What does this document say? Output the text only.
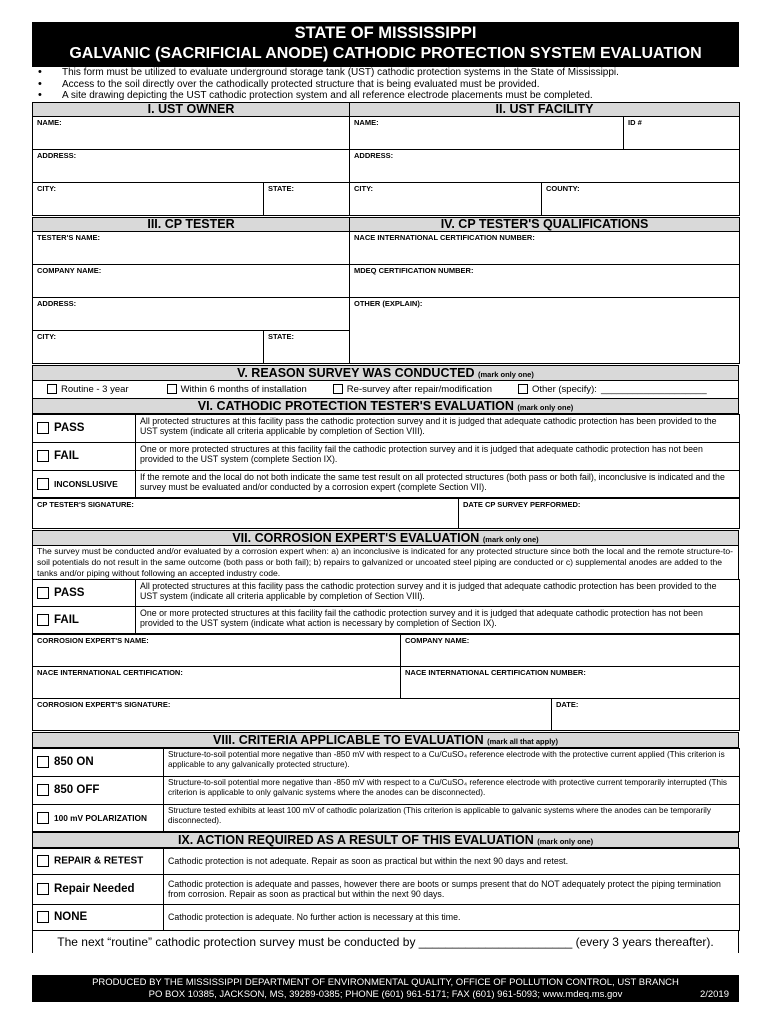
STATE OF MISSISSIPPI
GALVANIC (SACRIFICIAL ANODE) CATHODIC PROTECTION SYSTEM EVALUATION
• This form must be utilized to evaluate underground storage tank (UST) cathodic protection systems in the State of Mississippi.
• Access to the soil directly over the cathodically protected structure that is being evaluated must be provided.
• A site drawing depicting the UST cathodic protection system and all reference electrode placements must be completed.
I. UST OWNER		II. UST FACILITY		

NAME:		NAME:		ID #

ADDRESS:		ADDRESS:		

CITY:	STATE:	CITY:	COUNTY:	
III. CP TESTER		IV. CP TESTER'S QUALIFICATIONS

TESTER'S NAME:		NACE INTERNATIONAL CERTIFICATION NUMBER:

COMPANY NAME:		MDEQ CERTIFICATION NUMBER:

ADDRESS:		OTHER (EXPLAIN):

CITY:	STATE:	
V. REASON SURVEY WAS CONDUCTED (mark only one)
Routine - 3 year	Within 6 months of installation	Re-survey after repair/modification	Other (specify): ____________________
VI. CATHODIC PROTECTION TESTER'S EVALUATION (mark only one)
PASS	All protected structures at this facility pass the cathodic protection survey and it is judged that adequate cathodic protection has been provided to the UST system (indicate all criteria applicable by completion of Section VIII).
FAIL	One or more protected structures at this facility fail the cathodic protection survey and it is judged that adequate cathodic protection has not been provided to the UST system (complete Section IX).
INCONSLUSIVE	If the remote and the local do not both indicate the same test result on all protected structures (both pass or both fail), inconclusive is indicated and the survey must be evaluated and/or conducted by a corrosion expert (complete Section VII).
CP TESTER'S SIGNATURE:	DATE CP SURVEY PERFORMED:
VII. CORROSION EXPERT'S EVALUATION (mark only one)
The survey must be conducted and/or evaluated by a corrosion expert when: a) an inconclusive is indicated for any protected structure since both the local and the remote structure-to-soil potentials do not result in the same outcome (both pass or both fail); b) repairs to galvanized or uncoated steel piping are conducted or c) supplemental anodes are added to the tanks and/or piping without following an accepted industry code.
PASS	All protected structures at this facility pass the cathodic protection survey and it is judged that adequate cathodic protection has been provided to the UST system (indicate all criteria applicable by completion of Section VIII).
FAIL	One or more protected structures at this facility fail the cathodic protection survey and it is judged that adequate cathodic protection has not been provided to the UST system (indicate what action is necessary by completion of Section IX).
CORROSION EXPERT'S NAME:	COMPANY NAME:	

NACE INTERNATIONAL CERTIFICATION:	NACE INTERNATIONAL CERTIFICATION NUMBER:	

CORROSION EXPERT'S SIGNATURE:		DATE:
VIII. CRITERIA APPLICABLE TO EVALUATION (mark all that apply)
850 ON	Structure-to-soil potential more negative than -850 mV with respect to a Cu/CuSO₄ reference electrode with the protective current applied (This criterion is applicable to any galvanically protected structure).
850 OFF	Structure-to-soil potential more negative than -850 mV with respect to a Cu/CuSO₄ reference electrode with protective current temporarily interrupted (This criterion is applicable to only galvanic systems where the anodes can be disconnected).
100 mV POLARIZATION	Structure tested exhibits at least 100 mV of cathodic polarization (This criterion is applicable to galvanic systems where the anodes can be temporarily disconnected).
IX. ACTION REQUIRED AS A RESULT OF THIS EVALUATION (mark only one)
REPAIR & RETEST	Cathodic protection is not adequate. Repair as soon as practical but within the next 90 days and retest.
Repair Needed	Cathodic protection is adequate and passes, however there are boots or sumps present that do NOT adequately protect the piping termination from corrosion. Repair as soon as practical but within the next 90 days.
NONE	Cathodic protection is adequate. No further action is necessary at this time.
The next “routine” cathodic protection survey must be conducted by _______________________ (every 3 years thereafter).
PRODUCED BY THE MISSISSIPPI DEPARTMENT OF ENVIRONMENTAL QUALITY, OFFICE OF POLLUTION CONTROL, UST BRANCH
PO BOX 10385, JACKSON, MS, 39289-0385; PHONE (601) 961-5171; FAX (601) 961-5093; www.mdeq.ms.gov	2/2019
